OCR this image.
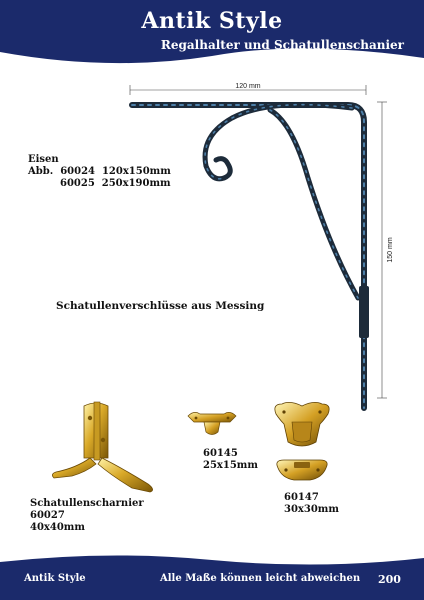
Antik Style
Regalhalter und Schatullenschanier
Eisen
Abb. 60024 120x150mm
60025 250x190mm
120 mm
150 mm
Schatullenverschlüsse aus Messing
Schatullenscharnier
60027
40x40mm
60145
25x15mm
60147
30x30mm
Antik Style	Alle Maße können leicht abweichen 200
